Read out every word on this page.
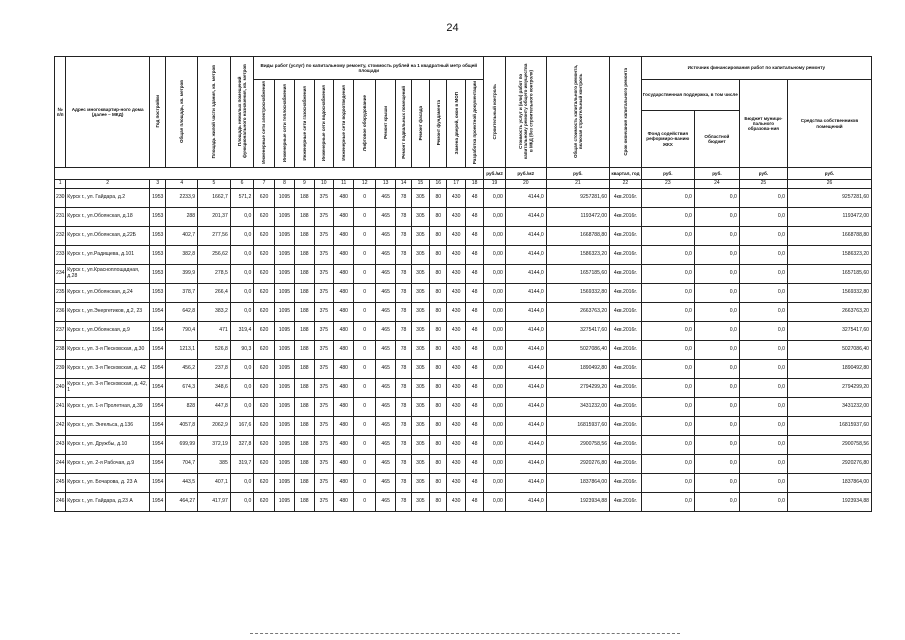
24
№ п/п	Адрес многоквартир-ного дома (далее – МКД)	Год постройки	Общая площадь, кв. метров	Площадь жилой части здания, кв. метров	Площадь нежилых помещений функционального назначения, кв. метров	Виды работ (услуг) по капитальному ремонту, стоимость рублей на 1 квадратный метр общей площади												Строительный контроль	Стоимость услуг и (или) работ по капитальному ремонту общего имущества в МКД (без строительного контроля)	Общая стоимость капитального ремонта, включая строительный контроль	Срок окончания капитального ремонта	Источник финансирования работ по капитальному ремонту			
						Инженерные сети электроснабжения	Инженерные сети теплоснабжения	Инженерные сети газоснабжения	Инженерные сети водоснабжения	Инженерные сети водоотведения	Лифтовое оборудование	Ремонт крыши	Ремонт подвальных помещений	Ремонт фасада	Ремонт фундамента	Замена дверей, окон в МОП	Разработка проектной документации					Государственная поддержка, в том числе		Бюджет муници-пального образова-ния	Средства собственников помещений
																						Фонд содействия реформиро-ванию ЖКХ	Областной бюджет		
																		руб./м2	руб./м2	руб.	квартал, год	руб.	руб.	руб.	руб.
1	2	3	4	5	6	7	8	9	10	11	12	13	14	15	16	17	18	19	20	21	22	23	24	25	26
230	Курск г., ул. Гайдара, д.2	1953	2233,9	1662,7	571,2	620	1095	188	375	480	0	465	78	305	80	430	48	0,00	4144,0	9257281,60	4кв.2016г.	0,0	0,0	0,0	9257281,60
231	Курск г., ул.Обоянская, д.18	1953	288	201,37	0,0	620	1095	188	375	480	0	465	78	305	80	430	48	0,00	4144,0	1193472,00	4кв.2016г.	0,0	0,0	0,0	1193472,00
232	Курск г., ул.Обоянская, д.22Б	1953	402,7	277,56	0,0	620	1095	188	375	480	0	465	78	305	80	430	48	0,00	4144,0	1668788,80	4кв.2016г.	0,0	0,0	0,0	1668788,80
233	Курск г., ул.Радищева, д.101	1953	382,8	256,62	0,0	620	1095	188	375	480	0	465	78	305	80	430	48	0,00	4144,0	1586323,20	4кв.2016г.	0,0	0,0	0,0	1586323,20
234	Курск г., ул.Красноплощадная, д.28	1953	399,9	278,5	0,0	620	1095	188	375	480	0	465	78	305	80	430	48	0,00	4144,0	1657185,60	4кв.2016г.	0,0	0,0	0,0	1657185,60
235	Курск г., ул.Обоянская, д.24	1953	378,7	266,4	0,0	620	1095	188	375	480	0	465	78	305	80	430	48	0,00	4144,0	1569332,80	4кв.2016г.	0,0	0,0	0,0	1569332,80
236	Курск г., ул.Энергетиков, д.2, 23	1954	642,8	383,2	0,0	620	1095	188	375	480	0	465	78	305	80	430	48	0,00	4144,0	2663763,20	4кв.2016г.	0,0	0,0	0,0	2663763,20
237	Курск г., ул.Обоянская, д.9	1954	790,4	471	319,4	620	1095	188	375	480	0	465	78	305	80	430	48	0,00	4144,0	3275417,60	4кв.2016г.	0,0	0,0	0,0	3275417,60
238	Курск г., ул. 3-я Песковская, д.30	1954	1213,1	526,8	90,3	620	1095	188	375	480	0	465	78	305	80	430	48	0,00	4144,0	5027086,40	4кв.2016г.	0,0	0,0	0,0	5027086,40
239	Курск г., ул. 3-я Песковская, д. 42	1954	456,2	237,8	0,0	620	1095	188	375	480	0	465	78	305	80	430	48	0,00	4144,0	1890492,80	4кв.2016г.	0,0	0,0	0,0	1890492,80
240	Курск г., ул. 3-я Песковская, д. 42, 1	1954	674,3	348,6	0,0	620	1095	188	375	480	0	465	78	305	80	430	48	0,00	4144,0	2794299,20	4кв.2016г.	0,0	0,0	0,0	2794299,20
241	Курск г., ул. 1-я Пролетная, д.39	1954	828	447,8	0,0	620	1095	188	375	480	0	465	78	305	80	430	48	0,00	4144,0	3431232,00	4кв.2016г.	0,0	0,0	0,0	3431232,00
242	Курск г., ул. Энгельса, д.136	1954	4057,8	2062,9	167,6	620	1095	188	375	480	0	465	78	305	80	430	48	0,00	4144,0	16815937,60	4кв.2016г.	0,0	0,0	0,0	16815937,60
243	Курск г., ул. Дружбы, д.10	1954	699,99	372,19	327,8	620	1095	188	375	480	0	465	78	305	80	430	48	0,00	4144,0	2900758,56	4кв.2016г.	0,0	0,0	0,0	2900758,56
244	Курск г., ул. 2-я Рабочая, д.9	1954	704,7	385	319,7	620	1095	188	375	480	0	465	78	305	80	430	48	0,00	4144,0	2920276,80	4кв.2016г.	0,0	0,0	0,0	2920276,80
245	Курск г., ул. Бочарова, д. 23 А	1954	443,5	407,1	0,0	620	1095	188	375	480	0	465	78	305	80	430	48	0,00	4144,0	1837864,00	4кв.2016г.	0,0	0,0	0,0	1837864,00
246	Курск г., ул. Гайдара, д.23 А	1954	464,27	417,97	0,0	620	1095	188	375	480	0	465	78	305	80	430	48	0,00	4144,0	1923934,88	4кв.2016г.	0,0	0,0	0,0	1923934,88
